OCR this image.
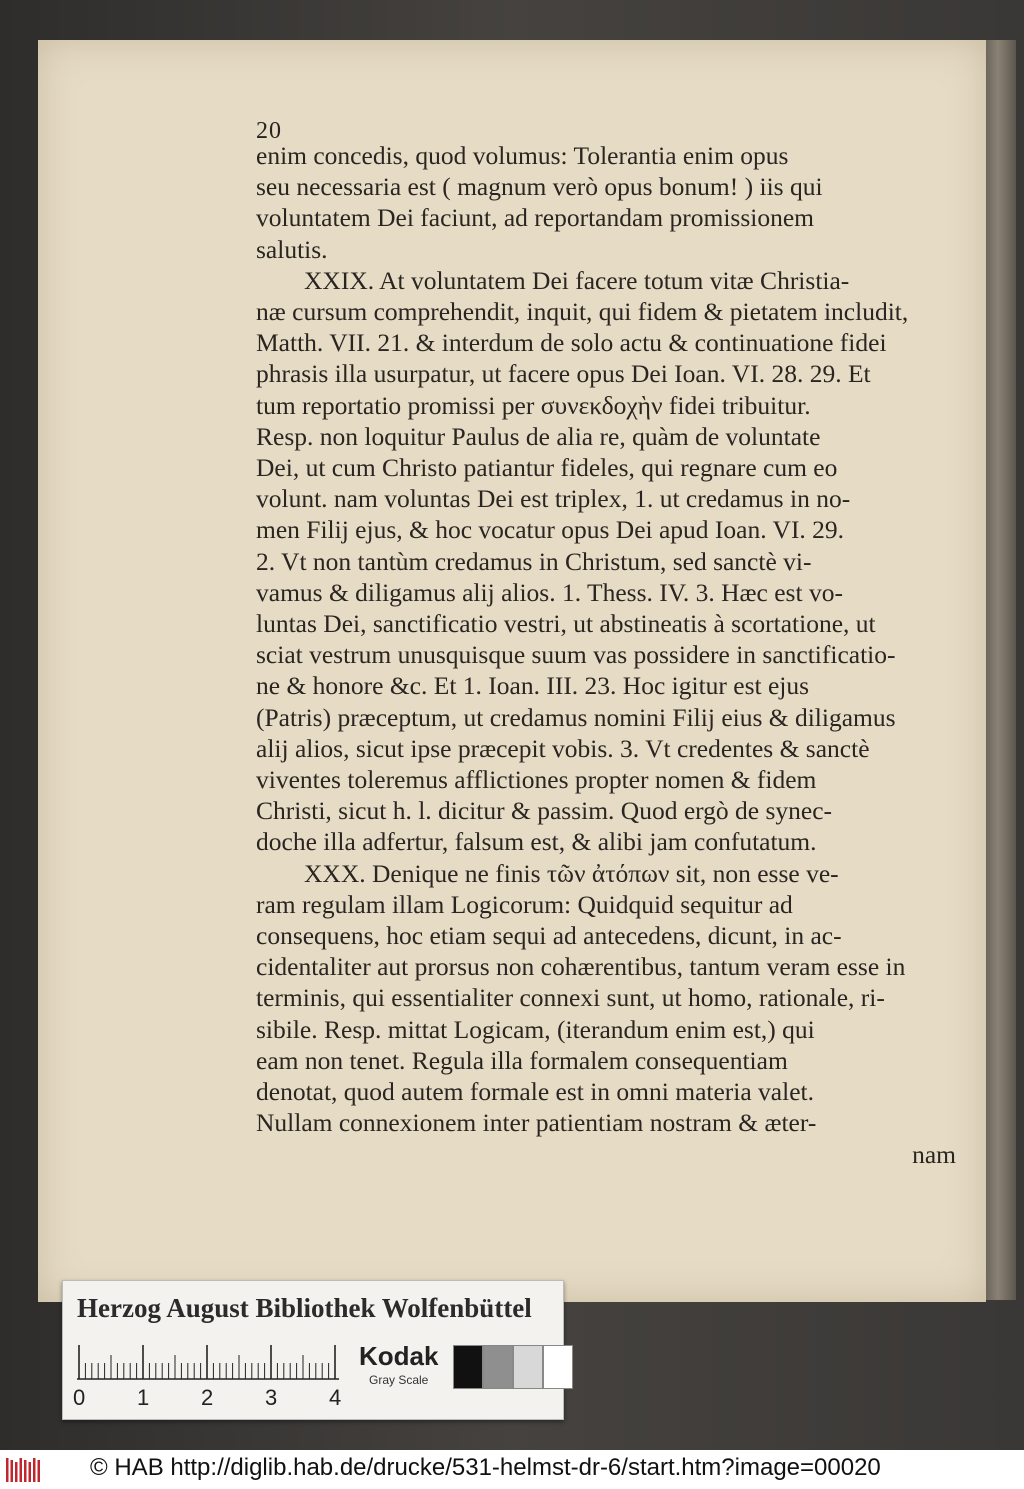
20
enim concedis, quod volumus: Tolerantia enim opus
seu necessaria est ( magnum verò opus bonum! ) iis qui
voluntatem Dei faciunt, ad reportandam promissionem
salutis.
XXIX. At voluntatem Dei facere totum vitæ Christia-
næ cursum comprehendit, inquit, qui fidem & pietatem includit,
Matth. VII. 21. & interdum de solo actu & continuatione fidei
phrasis illa usurpatur, ut facere opus Dei Ioan. VI. 28. 29. Et
tum reportatio promissi per συνεκδοχὴν fidei tribuitur.
Resp. non loquitur Paulus de alia re, quàm de voluntate
Dei, ut cum Christo patiantur fideles, qui regnare cum eo
volunt. nam voluntas Dei est triplex, 1. ut credamus in no-
men Filij ejus, & hoc vocatur opus Dei apud Ioan. VI. 29.
2. Vt non tantùm credamus in Christum, sed sanctè vi-
vamus & diligamus alij alios. 1. Thess. IV. 3. Hæc est vo-
luntas Dei, sanctificatio vestri, ut abstineatis à scortatione, ut
sciat vestrum unusquisque suum vas possidere in sanctificatio-
ne & honore &c. Et 1. Ioan. III. 23. Hoc igitur est ejus
(Patris) præceptum, ut credamus nomini Filij eius & diligamus
alij alios, sicut ipse præcepit vobis. 3. Vt credentes & sanctè
viventes toleremus afflictiones propter nomen & fidem
Christi, sicut h. l. dicitur & passim. Quod ergò de synec-
doche illa adfertur, falsum est, & alibi jam confutatum.
XXX. Denique ne finis τῶν ἀτόπων sit, non esse ve-
ram regulam illam Logicorum: Quidquid sequitur ad
consequens, hoc etiam sequi ad antecedens, dicunt, in ac-
cidentaliter aut prorsus non cohærentibus, tantum veram esse in
terminis, qui essentialiter connexi sunt, ut homo, rationale, ri-
sibile. Resp. mittat Logicam, (iterandum enim est,) qui
eam non tenet. Regula illa formalem consequentiam
denotat, quod autem formale est in omni materia valet.
Nullam connexionem inter patientiam nostram & æter-
nam
Herzog August Bibliothek Wolfenbüttel
0 1 2 3 4
Kodak
Gray Scale
© HAB http://diglib.hab.de/drucke/531-helmst-dr-6/start.htm?image=00020
